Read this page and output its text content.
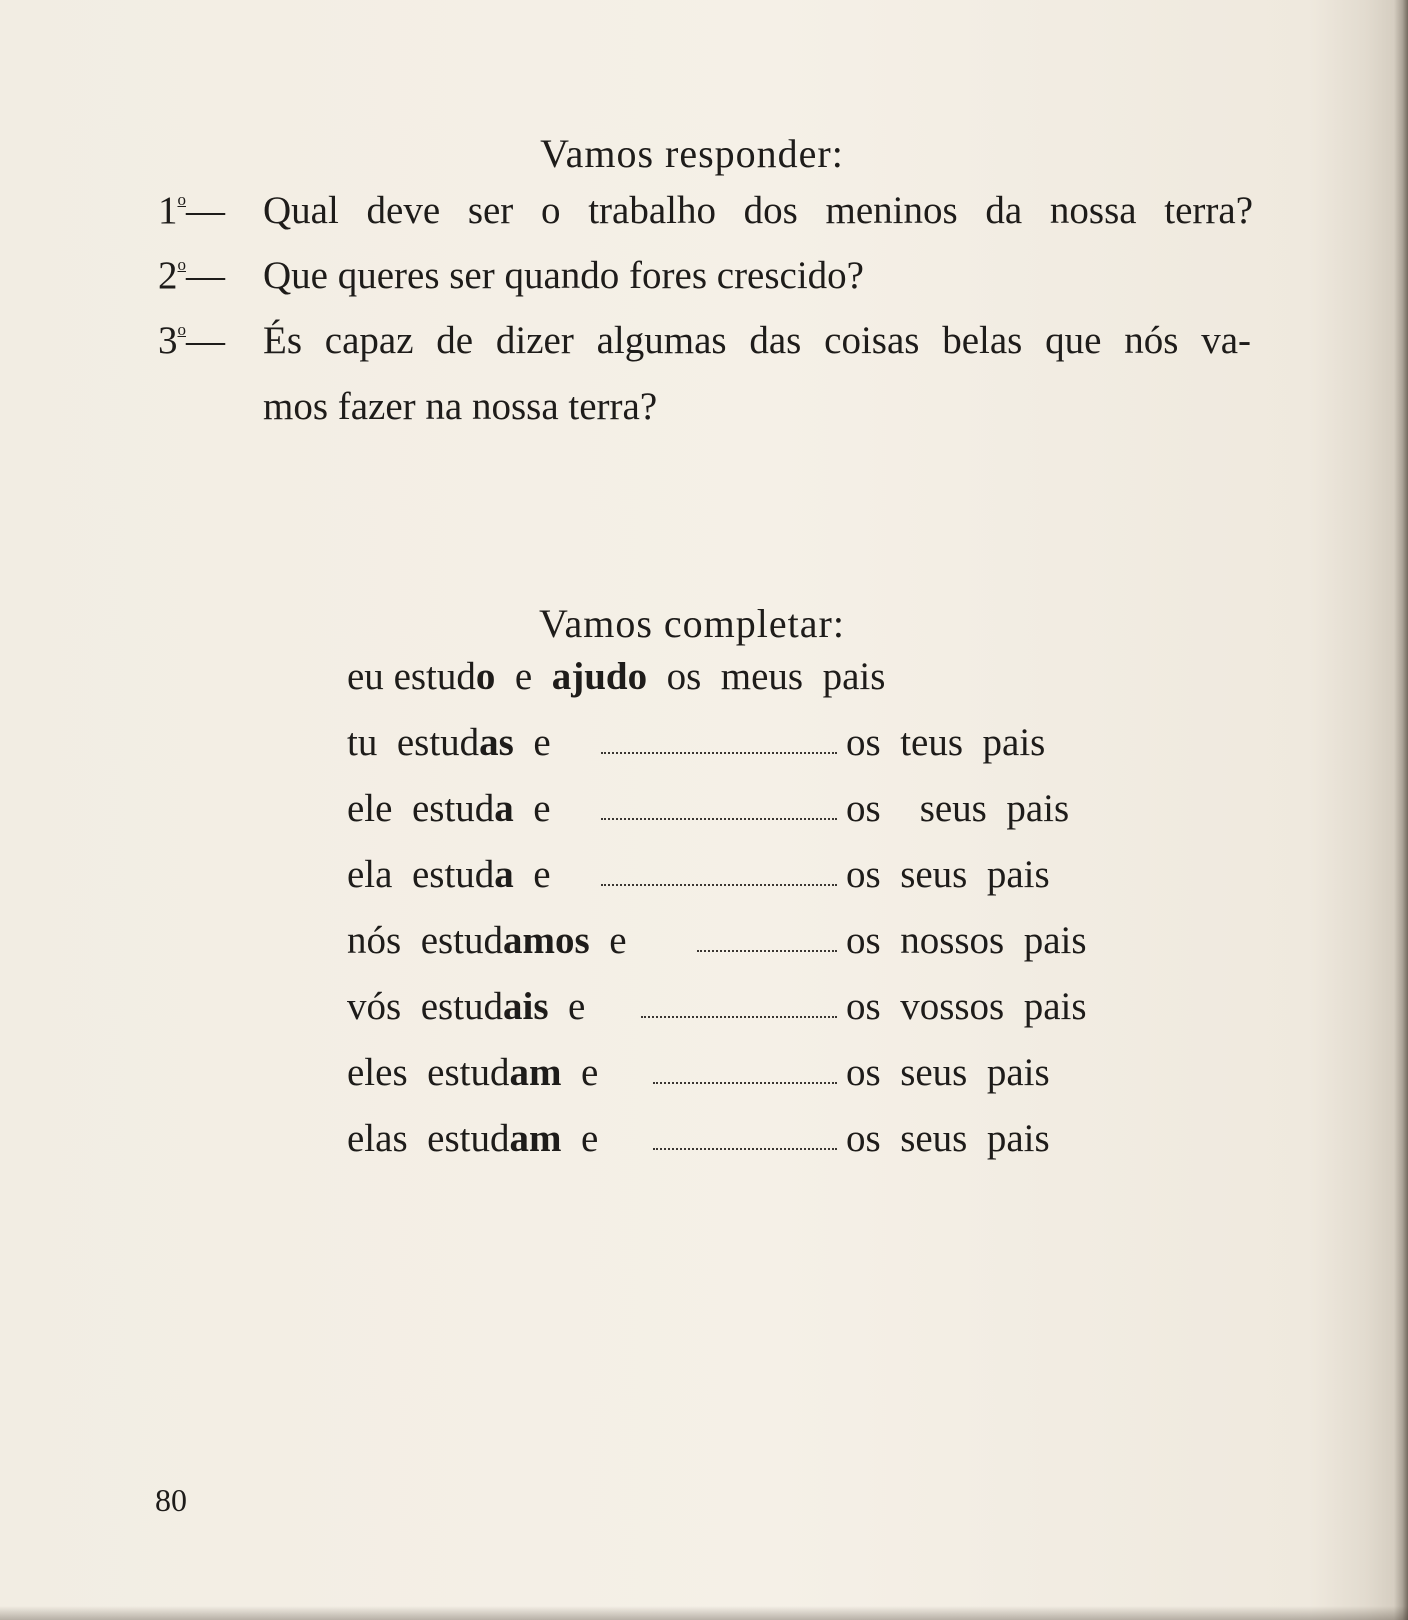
Vamos responder:
1$^o$— Qual deve ser o trabalho dos meninos da nossa terra?
2$^o$— Que queres ser quando fores crescido?
3$^o$— És capaz de dizer algumas das coisas belas que nós va-
mos fazer na nossa terra?
Vamos completar:
eu estudo e ajudo os meus pais
tu estudas e	os teus pais
ele estuda e	os seus pais
ela estuda e	os seus pais
nós estudamos e	os nossos pais
vós estudais e	os vossos pais
eles estudam e	os seus pais
elas estudam e	os seus pais
80
